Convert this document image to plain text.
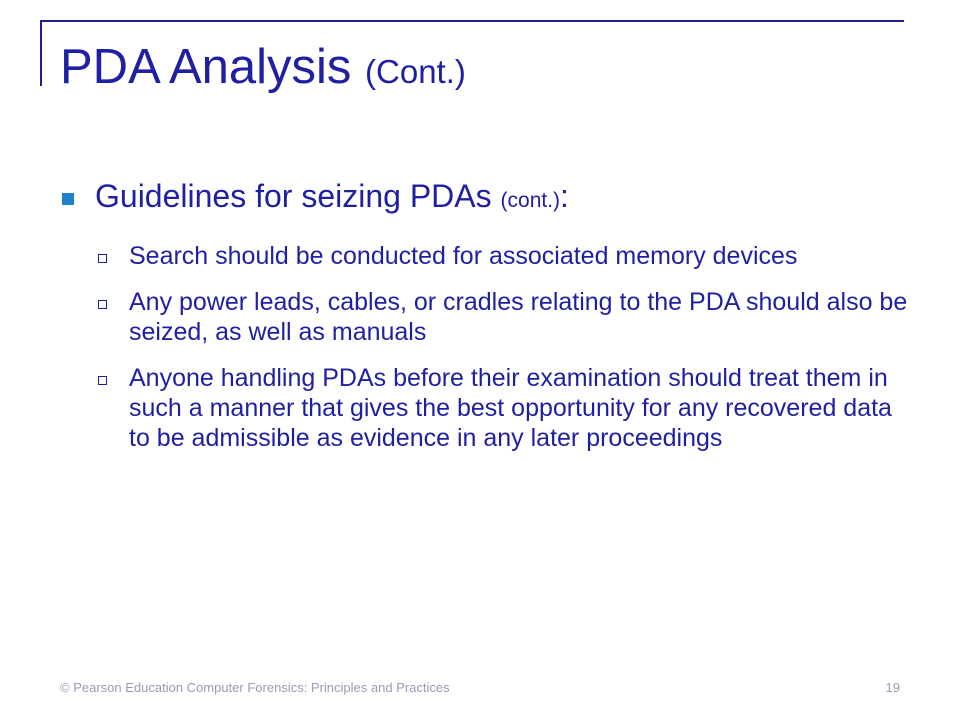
PDA Analysis (Cont.)
Guidelines for seizing PDAs (cont.):
Search should be conducted for associated memory devices
Any power leads, cables, or cradles relating to the PDA should also be seized, as well as manuals
Anyone handling PDAs before their examination should treat them in such a manner that gives the best opportunity for any recovered data to be admissible as evidence in any later proceedings
© Pearson Education Computer Forensics: Principles and Practices	19
